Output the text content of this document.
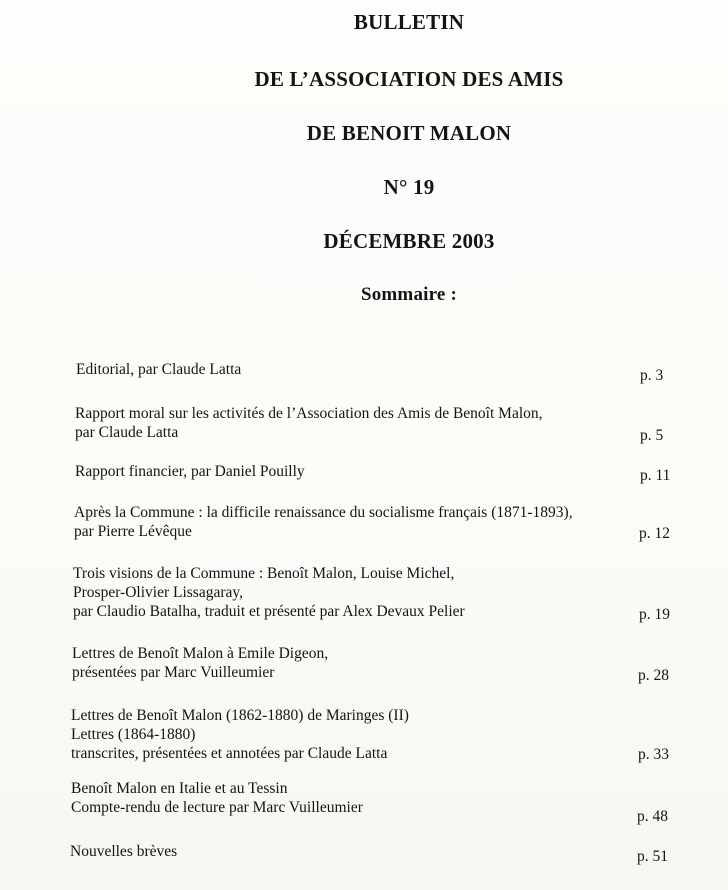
BULLETIN
DE L’ASSOCIATION DES AMIS
DE BENOIT MALON
N° 19
DÉCEMBRE 2003
Sommaire :
Editorial, par Claude Latta	p. 3
Rapport moral sur les activités de l’Association des Amis de Benoît Malon,
par Claude Latta	p. 5
Rapport financier, par Daniel Pouilly	p. 11
Après la Commune : la difficile renaissance du socialisme français (1871-1893),
par Pierre Lévêque	p. 12
Trois visions de la Commune : Benoît Malon, Louise Michel,
Prosper-Olivier Lissagaray,
par Claudio Batalha, traduit et présenté par Alex Devaux Pelier	p. 19
Lettres de Benoît Malon à Emile Digeon,
présentées par Marc Vuilleumier	p. 28
Lettres de Benoît Malon (1862-1880) de Maringes (II)
Lettres (1864-1880)
transcrites, présentées et annotées par Claude Latta	p. 33
Benoît Malon en Italie et au Tessin
Compte-rendu de lecture par Marc Vuilleumier
p. 48
Nouvelles brèves	p. 51
